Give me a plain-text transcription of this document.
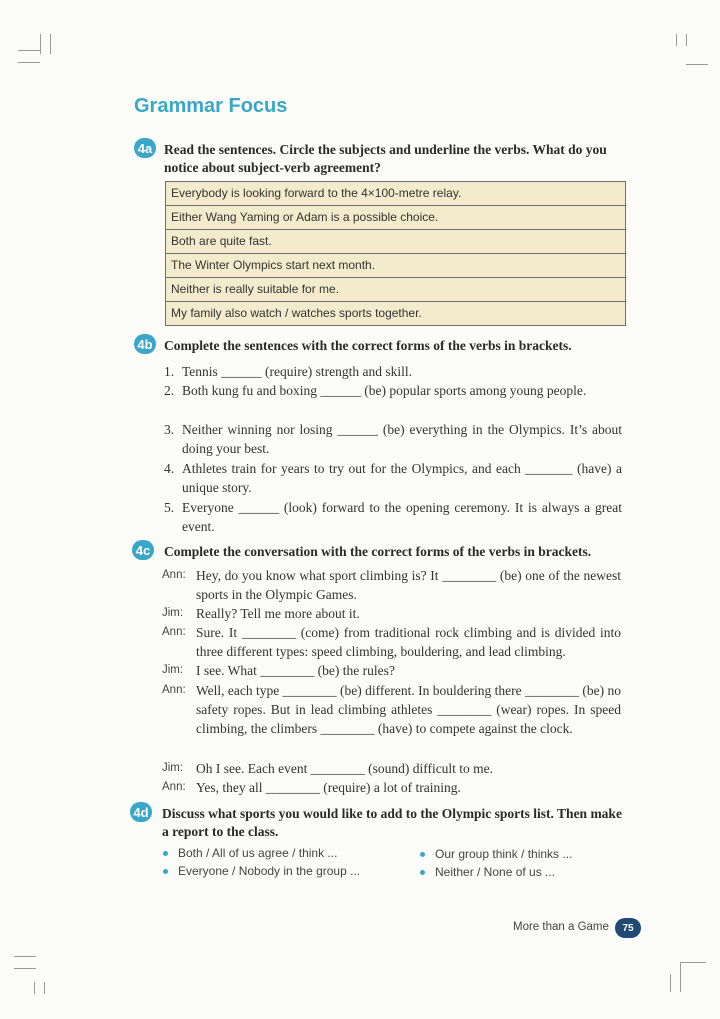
Grammar Focus
4a Read the sentences. Circle the subjects and underline the verbs. What do you notice about subject-verb agreement?
Everybody is looking forward to the 4×100-metre relay.
Either Wang Yaming or Adam is a possible choice.
Both are quite fast.
The Winter Olympics start next month.
Neither is really suitable for me.
My family also watch / watches sports together.
4b Complete the sentences with the correct forms of the verbs in brackets.
1. Tennis ______ (require) strength and skill.
2. Both kung fu and boxing ______ (be) popular sports among young people.
3. Neither winning nor losing ______ (be) everything in the Olympics. It’s about doing your best.
4. Athletes train for years to try out for the Olympics, and each _______ (have) a unique story.
5. Everyone ______ (look) forward to the opening ceremony. It is always a great event.
4c Complete the conversation with the correct forms of the verbs in brackets.
Ann: Hey, do you know what sport climbing is? It ________ (be) one of the newest sports in the Olympic Games.
Jim: Really? Tell me more about it.
Ann: Sure. It ________ (come) from traditional rock climbing and is divided into three different types: speed climbing, bouldering, and lead climbing.
Jim: I see. What ________ (be) the rules?
Ann: Well, each type ________ (be) different. In bouldering there ________ (be) no safety ropes. But in lead climbing athletes ________ (wear) ropes. In speed climbing, the climbers ________ (have) to compete against the clock.
Jim: Oh I see. Each event ________ (sound) difficult to me.
Ann: Yes, they all ________ (require) a lot of training.
4d Discuss what sports you would like to add to the Olympic sports list. Then make a report to the class.
Both / All of us agree / think ...
Everyone / Nobody in the group ...
Our group think / thinks ...
Neither / None of us ...
More than a Game	75
